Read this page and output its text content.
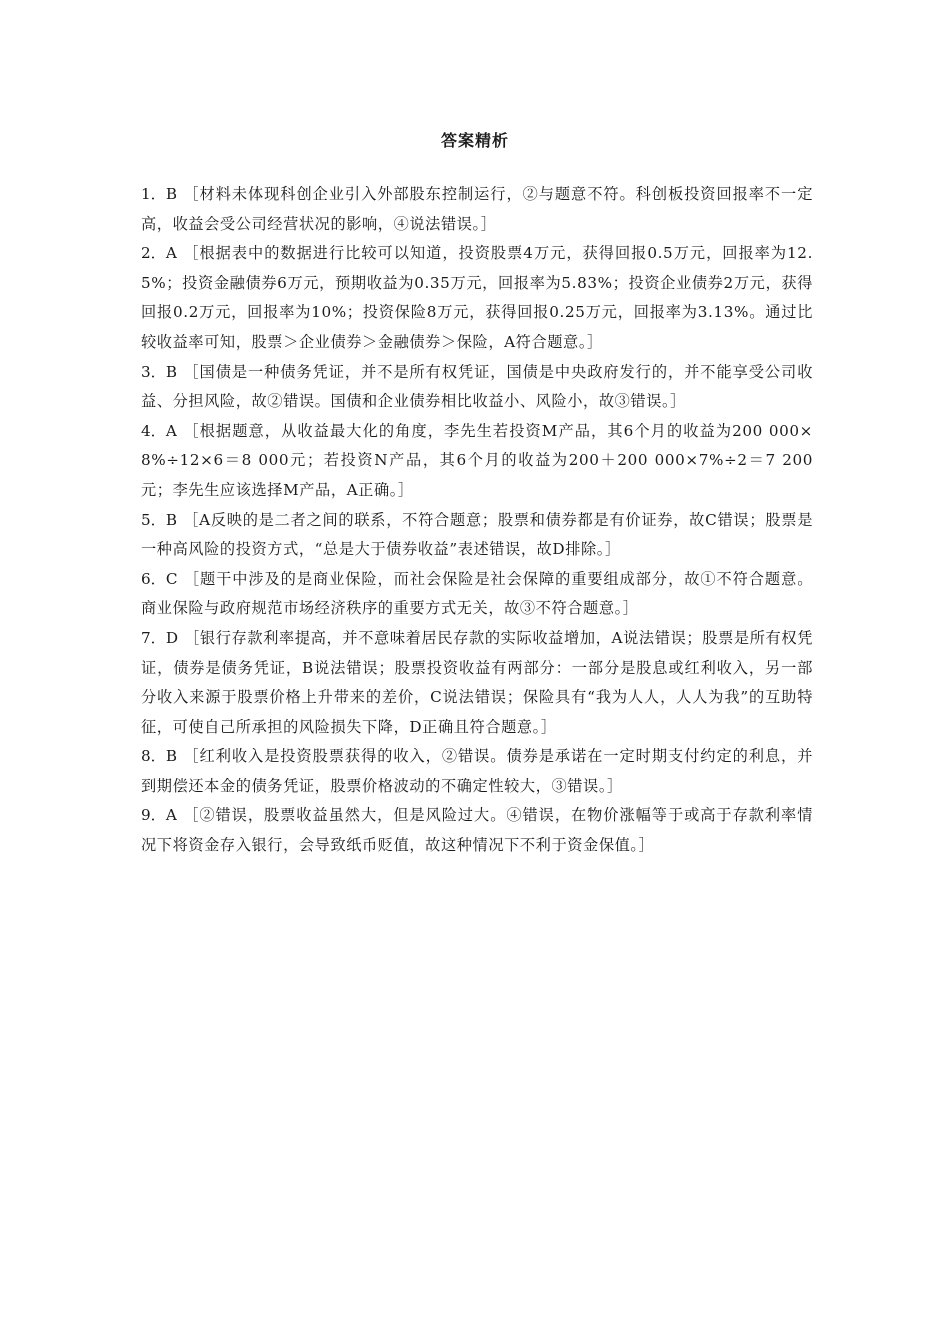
答案精析

1．B ［材料未体现科创企业引入外部股东控制运行，②与题意不符。科创板投资回报率不一定高，收益会受公司经营状况的影响，④说法错误。］

2．A ［根据表中的数据进行比较可以知道，投资股票4万元，获得回报0.5万元，回报率为12.5%；投资金融债券6万元，预期收益为0.35万元，回报率为5.83%；投资企业债券2万元，获得回报0.2万元，回报率为10%；投资保险8万元，获得回报0.25万元，回报率为3.13%。通过比较收益率可知，股票＞企业债券＞金融债券＞保险，A符合题意。］

3．B ［国债是一种债务凭证，并不是所有权凭证，国债是中央政府发行的，并不能享受公司收益、分担风险，故②错误。国债和企业债券相比收益小、风险小，故③错误。］

4．A ［根据题意，从收益最大化的角度，李先生若投资M产品，其6个月的收益为200 000×8%÷12×6＝8 000元；若投资N产品，其6个月的收益为200＋200 000×7%÷2＝7 200元；李先生应该选择M产品，A正确。］

5．B ［A反映的是二者之间的联系，不符合题意；股票和债券都是有价证券，故C错误；股票是一种高风险的投资方式，“总是大于债券收益”表述错误，故D排除。］

6．C ［题干中涉及的是商业保险，而社会保险是社会保障的重要组成部分，故①不符合题意。商业保险与政府规范市场经济秩序的重要方式无关，故③不符合题意。］

7．D ［银行存款利率提高，并不意味着居民存款的实际收益增加，A说法错误；股票是所有权凭证，债券是债务凭证，B说法错误；股票投资收益有两部分：一部分是股息或红利收入，另一部分收入来源于股票价格上升带来的差价，C说法错误；保险具有“我为人人，人人为我”的互助特征，可使自己所承担的风险损失下降，D正确且符合题意。］

8．B ［红利收入是投资股票获得的收入，②错误。债券是承诺在一定时期支付约定的利息，并到期偿还本金的债务凭证，股票价格波动的不确定性较大，③错误。］

9．A ［②错误，股票收益虽然大，但是风险过大。④错误，在物价涨幅等于或高于存款利率情况下将资金存入银行，会导致纸币贬值，故这种情况下不利于资金保值。］
